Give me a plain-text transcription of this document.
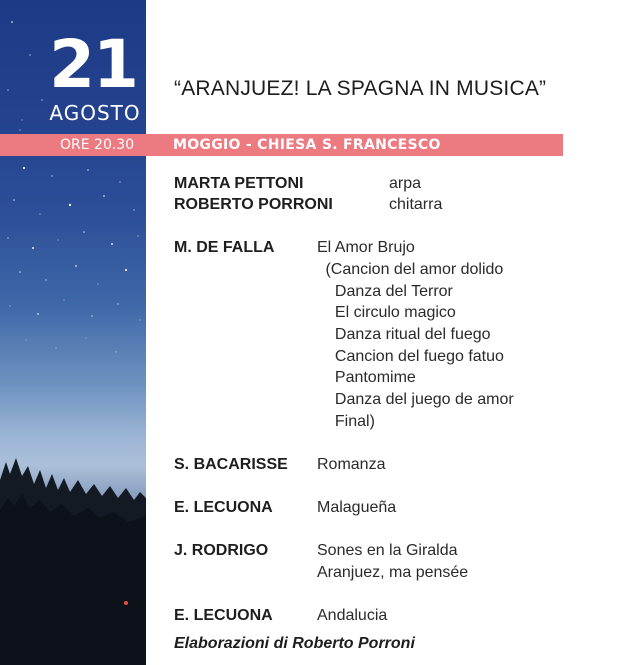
21
AGOSTO
“ARANJUEZ! LA SPAGNA IN MUSICA”
ORE 20.30	MOGGIO - CHIESA S. FRANCESCO
MARTA PETTONI	arpa
ROBERTO PORRONI	chitarra
M. DE FALLA	El Amor Brujo
(Cancion del amor dolido
Danza del Terror
El circulo magico
Danza ritual del fuego
Cancion del fuego fatuo
Pantomime
Danza del juego de amor
Final)
S. BACARISSE Romanza
E. LECUONA	Malagueña
J. RODRIGO	Sones en la Giralda
Aranjuez, ma pensée
E. LECUONA	Andalucia
Elaborazioni di Roberto Porroni
